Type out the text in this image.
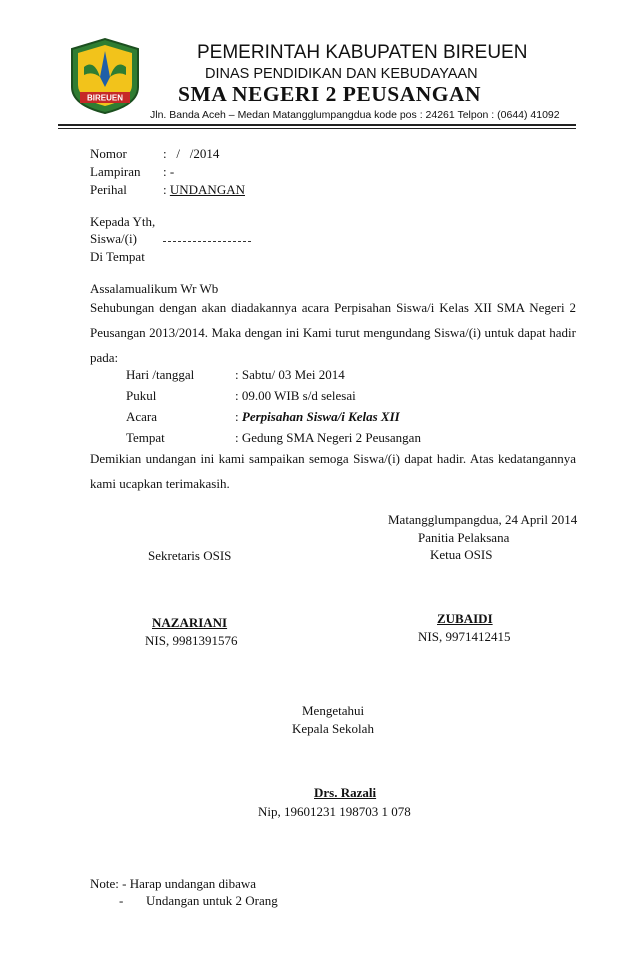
BIREUEN
PEMERINTAH KABUPATEN BIREUEN
DINAS PENDIDIKAN DAN KEBUDAYAAN
SMA NEGERI 2 PEUSANGAN
Jln. Banda Aceh – Medan Matangglumpangdua kode pos : 24261 Telpon : (0644) 41092
Nomor	:   /   /2014
Lampiran : -
Perihal	: UNDANGAN
Kepada Yth,
Siswa/(i)
Di Tempat
Assalamualikum Wr Wb
Sehubungan dengan akan diadakannya acara Perpisahan Siswa/i Kelas XII SMA Negeri 2 Peusangan 2013/2014. Maka dengan ini Kami turut mengundang Siswa/(i) untuk dapat hadir pada:
Hari /tanggal	: Sabtu/ 03 Mei 2014
Pukul	: 09.00 WIB s/d selesai
Acara	: Perpisahan Siswa/i Kelas XII
Tempat	: Gedung SMA Negeri 2 Peusangan
Demikian undangan ini kami sampaikan semoga Siswa/(i) dapat hadir. Atas kedatangannya kami ucapkan terimakasih.
Matangglumpangdua, 24 April 2014
Panitia Pelaksana
Sekretaris OSIS	Ketua OSIS
NAZARIANI
NIS, 9981391576
ZUBAIDI
NIS, 9971412415
Mengetahui
Kepala Sekolah
Drs. Razali
Nip, 19601231 198703 1 078
Note: - Harap undangan dibawa
- Undangan untuk 2 Orang
